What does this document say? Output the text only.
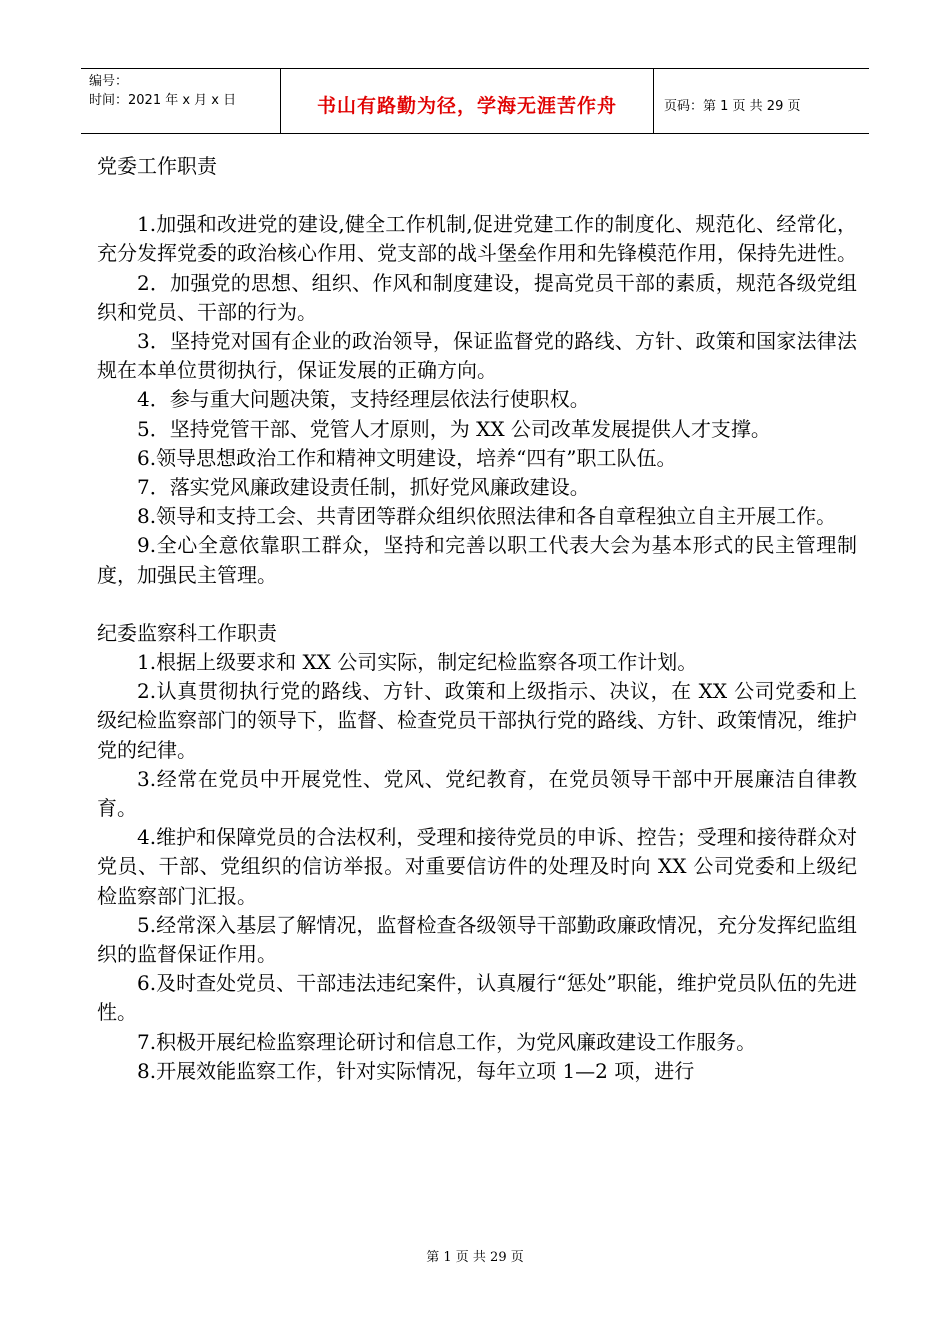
编号：
时间：2021 年 x 月 x 日	书山有路勤为径，学海无涯苦作舟	页码：第 1 页 共 29 页

党委工作职责

1.加强和改进党的建设,健全工作机制,促进党建工作的制度化、规范化、经常化，充分发挥党委的政治核心作用、党支部的战斗堡垒作用和先锋模范作用，保持先进性。

2．加强党的思想、组织、作风和制度建设，提高党员干部的素质，规范各级党组织和党员、干部的行为。

3．坚持党对国有企业的政治领导，保证监督党的路线、方针、政策和国家法律法规在本单位贯彻执行，保证发展的正确方向。

4．参与重大问题决策，支持经理层依法行使职权。

5．坚持党管干部、党管人才原则，为 XX 公司改革发展提供人才支撑。

6.领导思想政治工作和精神文明建设，培养“四有”职工队伍。

7．落实党风廉政建设责任制，抓好党风廉政建设。

8.领导和支持工会、共青团等群众组织依照法律和各自章程独立自主开展工作。

9.全心全意依靠职工群众，坚持和完善以职工代表大会为基本形式的民主管理制度，加强民主管理。

纪委监察科工作职责

1.根据上级要求和 XX 公司实际，制定纪检监察各项工作计划。

2.认真贯彻执行党的路线、方针、政策和上级指示、决议，在 XX 公司党委和上级纪检监察部门的领导下，监督、检查党员干部执行党的路线、方针、政策情况，维护党的纪律。

3.经常在党员中开展党性、党风、党纪教育，在党员领导干部中开展廉洁自律教育。

4.维护和保障党员的合法权利，受理和接待党员的申诉、控告；受理和接待群众对党员、干部、党组织的信访举报。对重要信访件的处理及时向 XX 公司党委和上级纪检监察部门汇报。

5.经常深入基层了解情况，监督检查各级领导干部勤政廉政情况，充分发挥纪监组织的监督保证作用。

6.及时查处党员、干部违法违纪案件，认真履行“惩处”职能，维护党员队伍的先进性。

7.积极开展纪检监察理论研讨和信息工作，为党风廉政建设工作服务。

8.开展效能监察工作，针对实际情况，每年立项 1—2 项，进行

第 1 页 共 29 页
